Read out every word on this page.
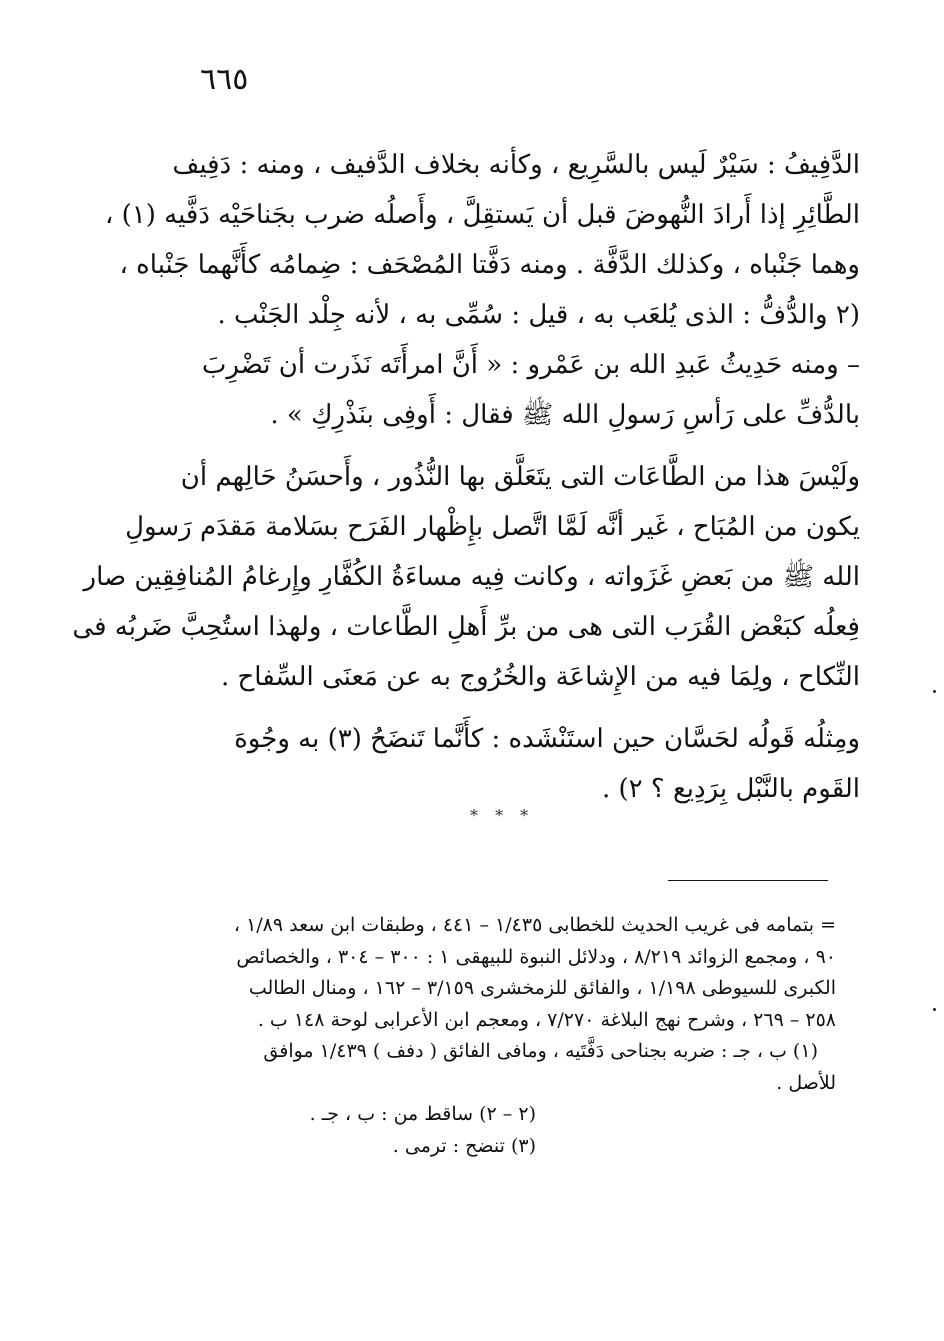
٦٦٥
الدَّفِيفُ : سَيْرٌ لَيس بالسَّرِيع ، وكأنه بخلاف الدَّفيف ، ومنه : دَفِيف
الطَّائِرِ إذا أَرادَ النُّهوضَ قبل أن يَستقِلَّ ، وأَصلُه ضرب بجَناحَيْه دَفَّيه (١) ،
وهما جَنْباه ، وكذلك الدَّفَّة . ومنه دَفَّتا المُصْحَف : ضِمامُه كأَنَّهما جَنْباه ،
(٢ والدُّفُّ : الذى يُلعَب به ، قيل : سُمِّى به ، لأنه جِلْد الجَنْب .
– ومنه حَدِيثُ عَبدِ الله بن عَمْرو : « أَنَّ امرأَتَه نَذَرت أن تَضْرِبَ
بالدُّفِّ على رَأسِ رَسولِ الله ﷺ فقال : أَوفِى بنَذْرِكِ » .
ولَيْسَ هذا من الطَّاعَات التى يتَعَلَّق بها النُّذُور ، وأَحسَنُ حَالِهم أن
يكون من المُبَاح ، غَير أنَّه لَمَّا اتَّصل بإِظْهار الفَرَح بسَلامة مَقدَم رَسولِ
الله ﷺ من بَعضِ غَزَواته ، وكانت فِيه مساءَةُ الكُفَّارِ وإِرغامُ المُنافِقِين صار
فِعلُه كبَعْض القُرَب التى هى من برِّ أَهلِ الطَّاعات ، ولهذا استُحِبَّ ضَربُه فى
النِّكاح ، ولِمَا فيه من الإِشاعَة والخُرُوج به عن مَعنَى السِّفاح .
ومِثلُه قَولُه لحَسَّان حين استَنْشَده : كأَنَّما تَنضَحُ (٣) به وجُوهَ
القَوم بالنَّبْل بِرَدِيع ؟ ٢) .
* * *
= بتمامه فى غريب الحديث للخطابى ١/٤٣٥ – ٤٤١ ، وطبقات ابن سعد ١/٨٩ ،
٩٠ ، ومجمع الزوائد ٨/٢١٩ ، ودلائل النبوة للبيهقى ١ : ٣٠٠ – ٣٠٤ ، والخصائص
الكبرى للسيوطى ١/١٩٨ ، والفائق للزمخشرى ٣/١٥٩ – ١٦٢ ، ومنال الطالب
٢٥٨ – ٢٦٩ ، وشرح نهج البلاغة ٧/٢٧٠ ، ومعجم ابن الأعرابى لوحة ١٤٨ ب .
(١) ب ، جـ : ضربه بجناحى دَفَّتَيه ، ومافى الفائق ( دفف ) ١/٤٣٩ موافق
للأصل .
(٢ – ٢) ساقط من : ب ، جـ .
(٣) تنضح : ترمى .
